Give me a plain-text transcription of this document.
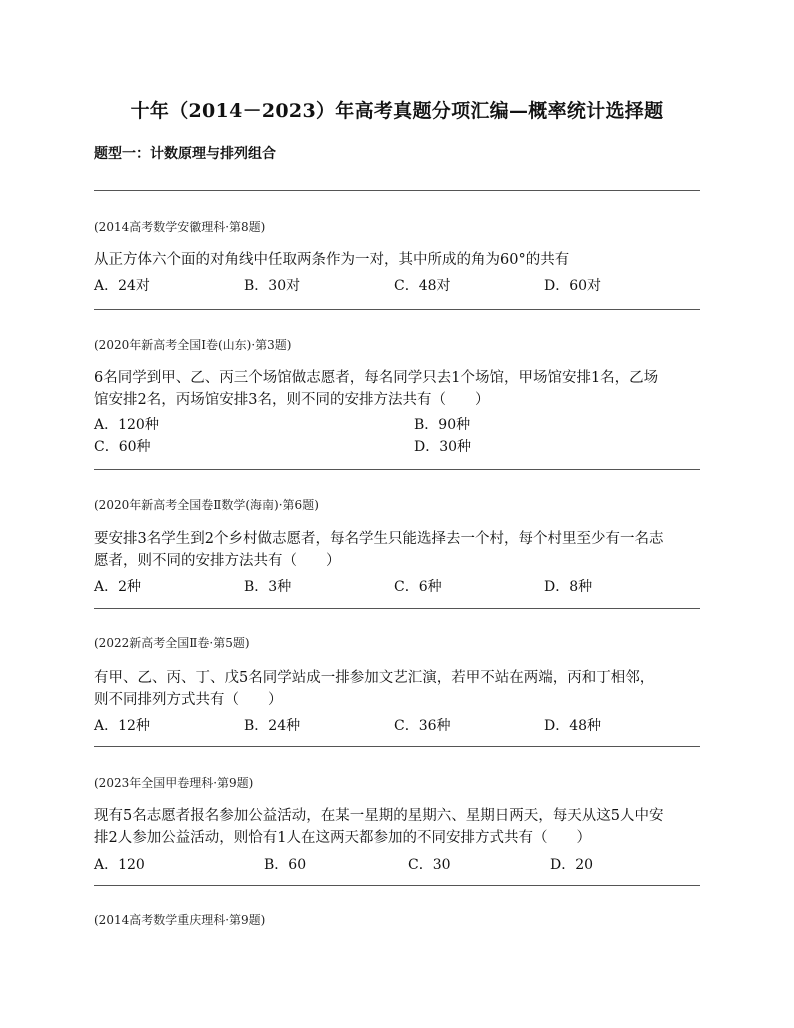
十年（2014－2023）年高考真题分项汇编—概率统计选择题
题型一：计数原理与排列组合
(2014高考数学安徽理科·第8题)
从正方体六个面的对角线中任取两条作为一对，其中所成的角为60°的共有
A．24对	B．30对	C．48对	D．60对
(2020年新高考全国Ⅰ卷(山东)·第3题)
6名同学到甲、乙、丙三个场馆做志愿者，每名同学只去1个场馆，甲场馆安排1名，乙场
馆安排2名，丙场馆安排3名，则不同的安排方法共有（　　）
A．120种	B．90种
C．60种	D．30种
(2020年新高考全国卷Ⅱ数学(海南)·第6题)
要安排3名学生到2个乡村做志愿者，每名学生只能选择去一个村，每个村里至少有一名志
愿者，则不同的安排方法共有（　　）
A．2种	B．3种	C．6种	D．8种
(2022新高考全国Ⅱ卷·第5题)
有甲、乙、丙、丁、戊5名同学站成一排参加文艺汇演，若甲不站在两端，丙和丁相邻，
则不同排列方式共有（　　）
A．12种	B．24种	C．36种	D．48种
(2023年全国甲卷理科·第9题)
现有5名志愿者报名参加公益活动，在某一星期的星期六、星期日两天，每天从这5人中安
排2人参加公益活动，则恰有1人在这两天都参加的不同安排方式共有（　　）
A．120	B．60	C．30	D．20
(2014高考数学重庆理科·第9题)
